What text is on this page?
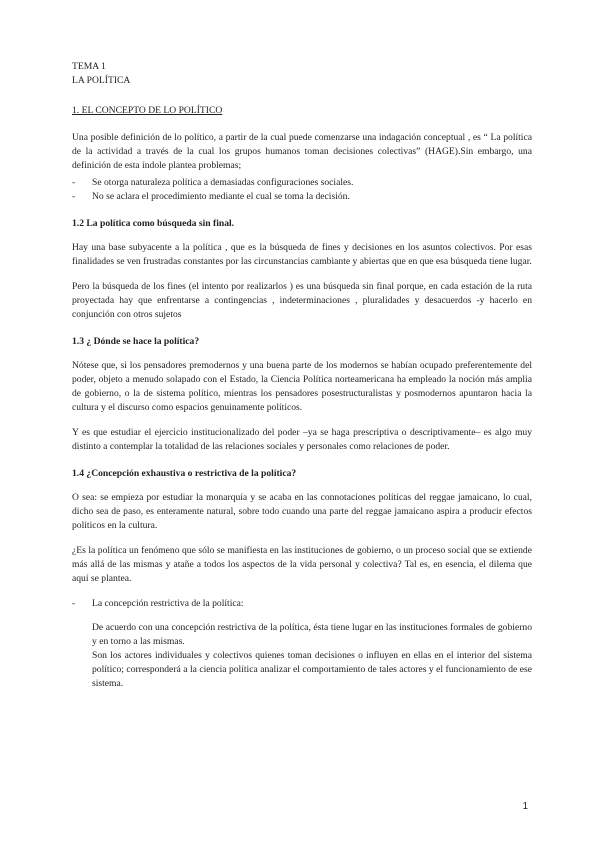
TEMA 1

LA POLÍTICA

1. EL CONCEPTO DE LO POLÍTICO

Una posible definición de lo político, a partir de la cual puede comenzarse una indagación conceptual , es “ La política de la actividad a través de la cual los grupos humanos toman decisiones colectivas” (HAGE).Sin embargo, una definición de esta índole plantea problemas;

- Se otorga naturaleza política a demasiadas configuraciones sociales.
- No se aclara el procedimiento mediante el cual se toma la decisión.

1.2 La política como búsqueda sin final.

Hay una base subyacente a la política , que es la búsqueda de fines y decisiones en los asuntos colectivos. Por esas finalidades se ven frustradas constantes por las circunstancias cambiante y abiertas que en que esa búsqueda tiene lugar.

Pero la búsqueda de los fines (el intento por realizarlos ) es una búsqueda sin final porque, en cada estación de la ruta proyectada hay que enfrentarse a contingencias , indeterminaciones , pluralidades y desacuerdos -y hacerlo en conjunción con otros sujetos

1.3 ¿ Dónde se hace la política?

Nótese que, si los pensadores premodernos y una buena parte de los modernos se habían ocupado preferentemente del poder, objeto a menudo solapado con el Estado, la Ciencia Política norteamericana ha empleado la noción más amplia de gobierno, o la de sistema político, mientras los pensadores posestructuralistas y posmodernos apuntaron hacia la cultura y el discurso como espacios genuinamente políticos.

Y es que estudiar el ejercicio institucionalizado del poder –ya se haga prescriptiva o descriptivamente– es algo muy distinto a contemplar la totalidad de las relaciones sociales y personales como relaciones de poder.

1.4 ¿Concepción exhaustiva o restrictiva de la política?

O sea: se empieza por estudiar la monarquía y se acaba en las connotaciones políticas del reggae jamaicano, lo cual, dicho sea de paso, es enteramente natural, sobre todo cuando una parte del reggae jamaicano aspira a producir efectos políticos en la cultura.

¿Es la política un fenómeno que sólo se manifiesta en las instituciones de gobierno, o un proceso social que se extiende más allá de las mismas y atañe a todos los aspectos de la vida personal y colectiva? Tal es, en esencia, el dilema que aquí se plantea.

- La concepción restrictiva de la política:

De acuerdo con una concepción restrictiva de la política, ésta tiene lugar en las instituciones formales de gobierno y en torno a las mismas.

Son los actores individuales y colectivos quienes toman decisiones o influyen en ellas en el interior del sistema político; corresponderá a la ciencia política analizar el comportamiento de tales actores y el funcionamiento de ese sistema.

1
